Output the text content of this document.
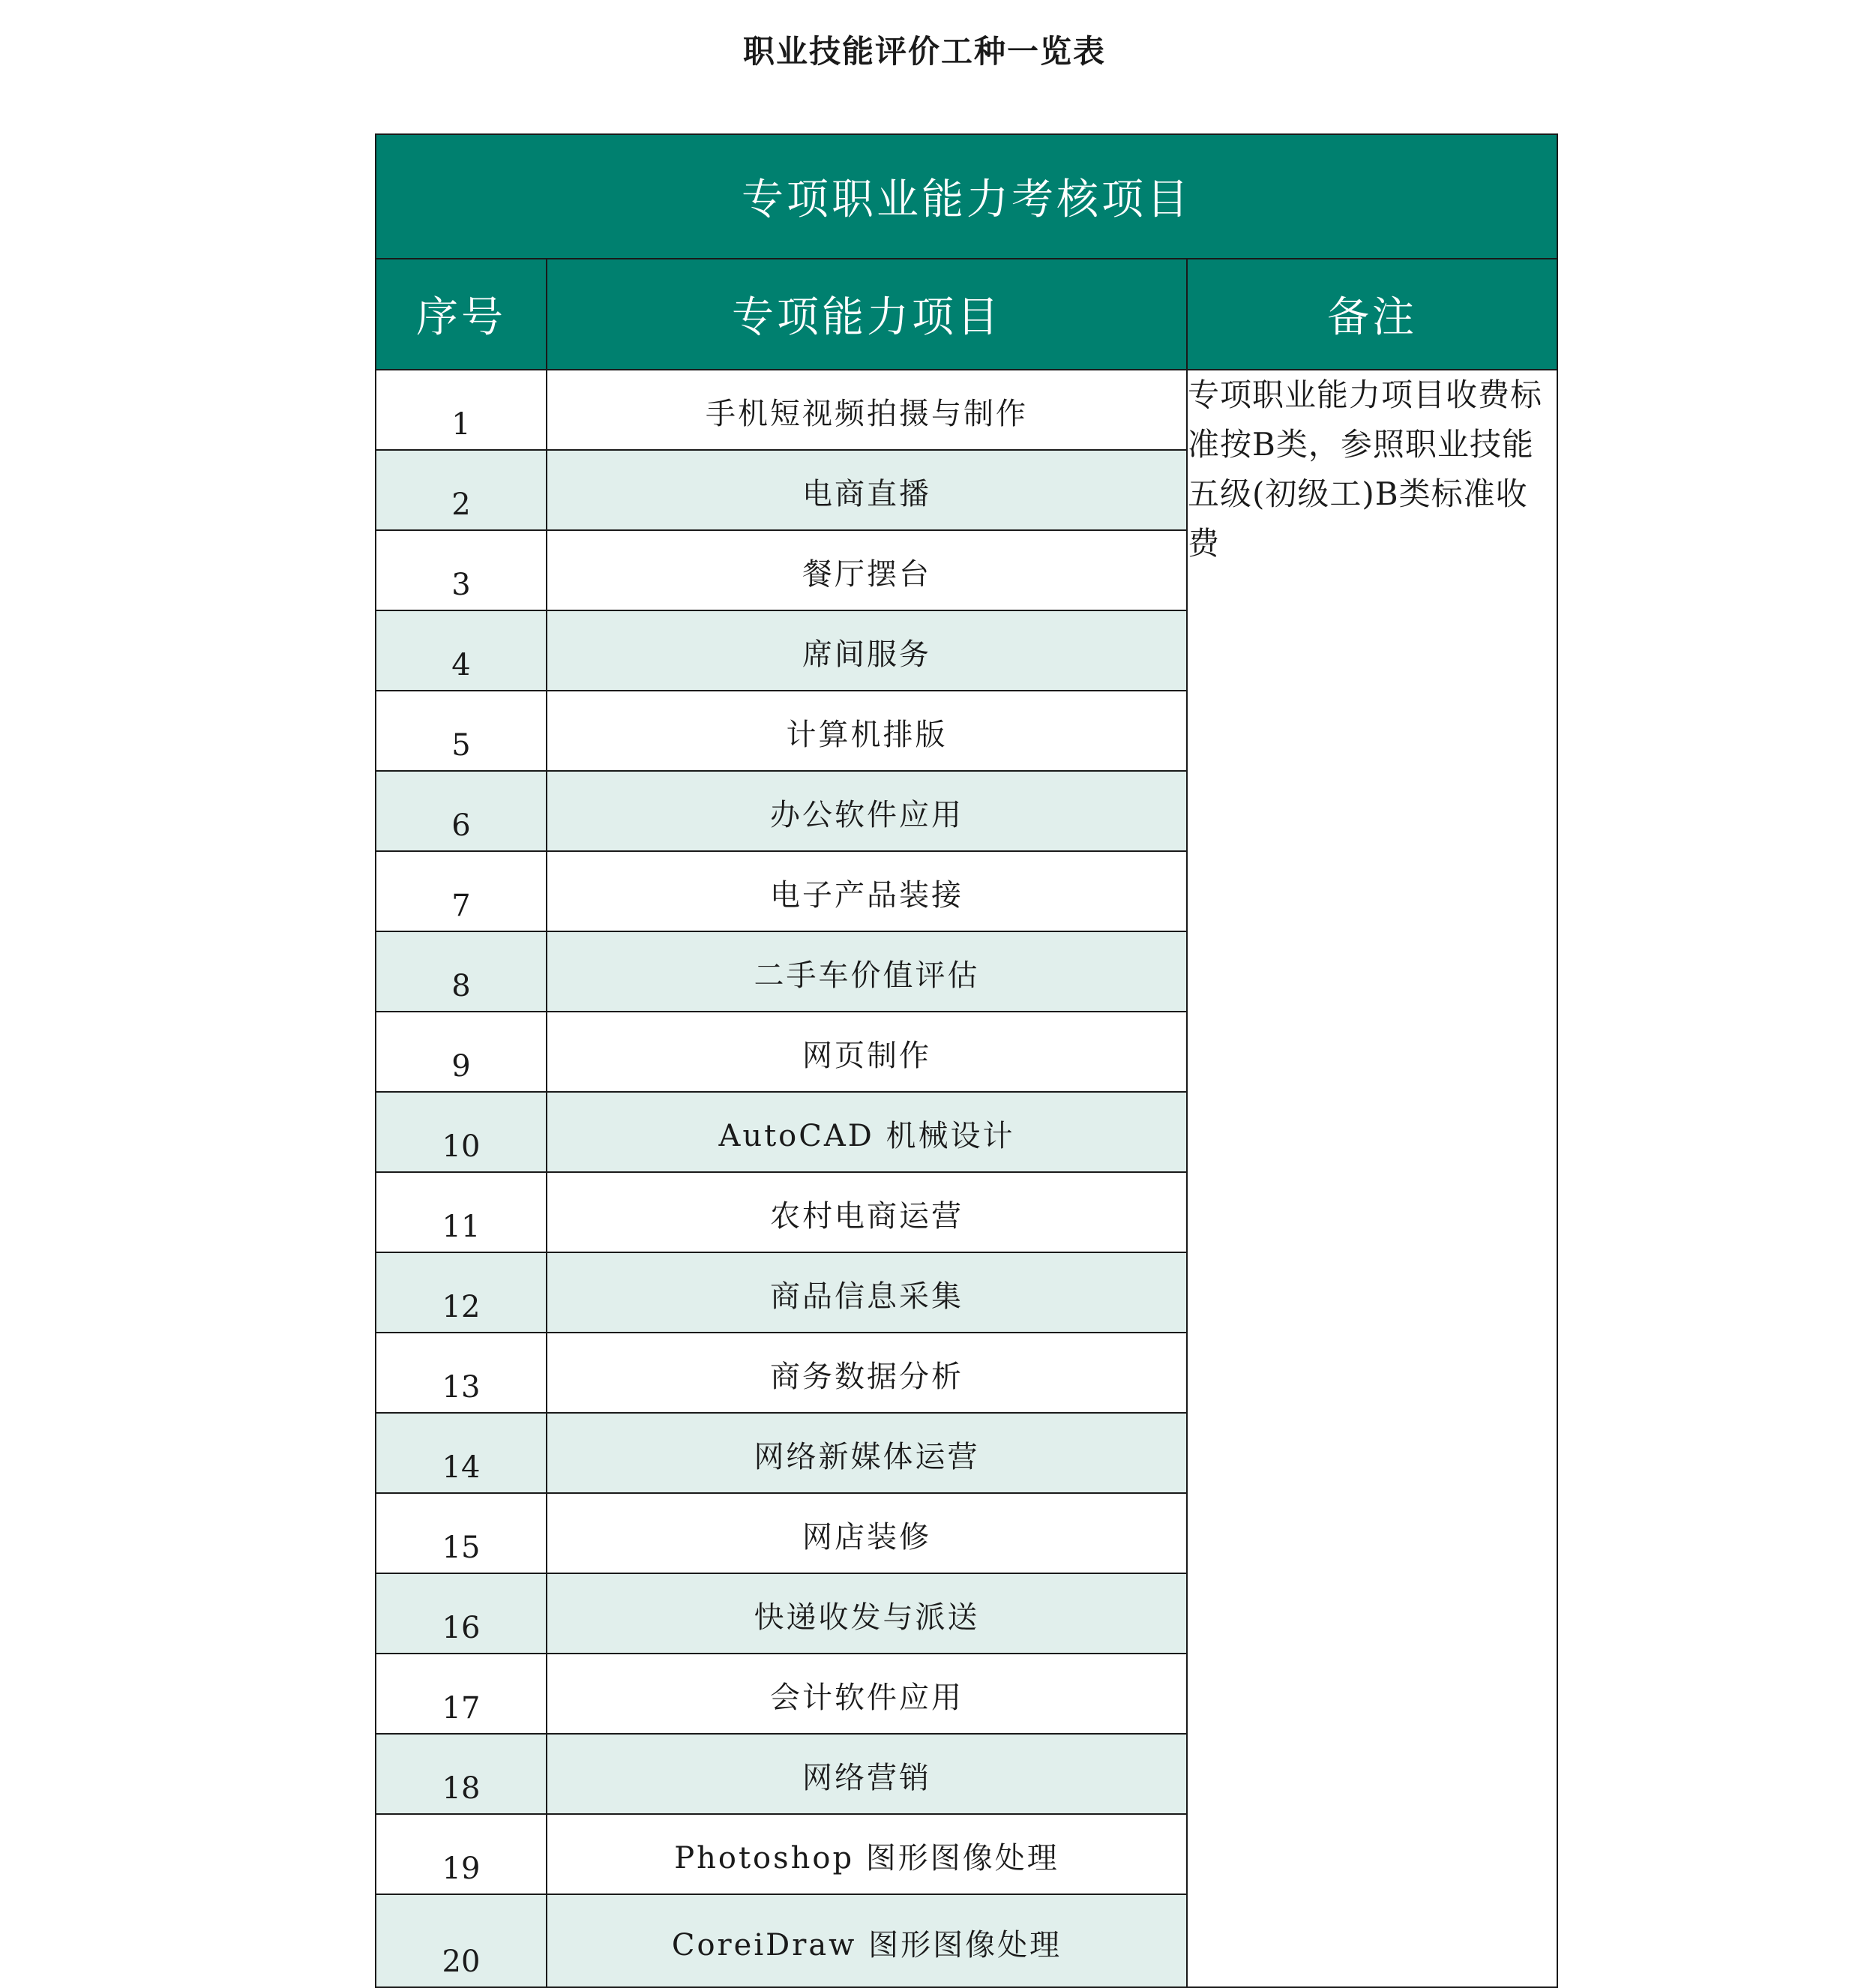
职业技能评价工种一览表
专项职业能力考核项目		
序号	专项能力项目	备注
1	手机短视频拍摄与制作	专项职业能力项目收费标准按B类，参照职业技能五级(初级工)B类标准收费
2	电商直播	
3	餐厅摆台	
4	席间服务	
5	计算机排版	
6	办公软件应用	
7	电子产品装接	
8	二手车价值评估	
9	网页制作	
10	AutoCAD 机械设计	
11	农村电商运营	
12	商品信息采集	
13	商务数据分析	
14	网络新媒体运营	
15	网店装修	
16	快递收发与派送	
17	会计软件应用	
18	网络营销	
19	Photoshop 图形图像处理	
20	CoreiDraw 图形图像处理	
